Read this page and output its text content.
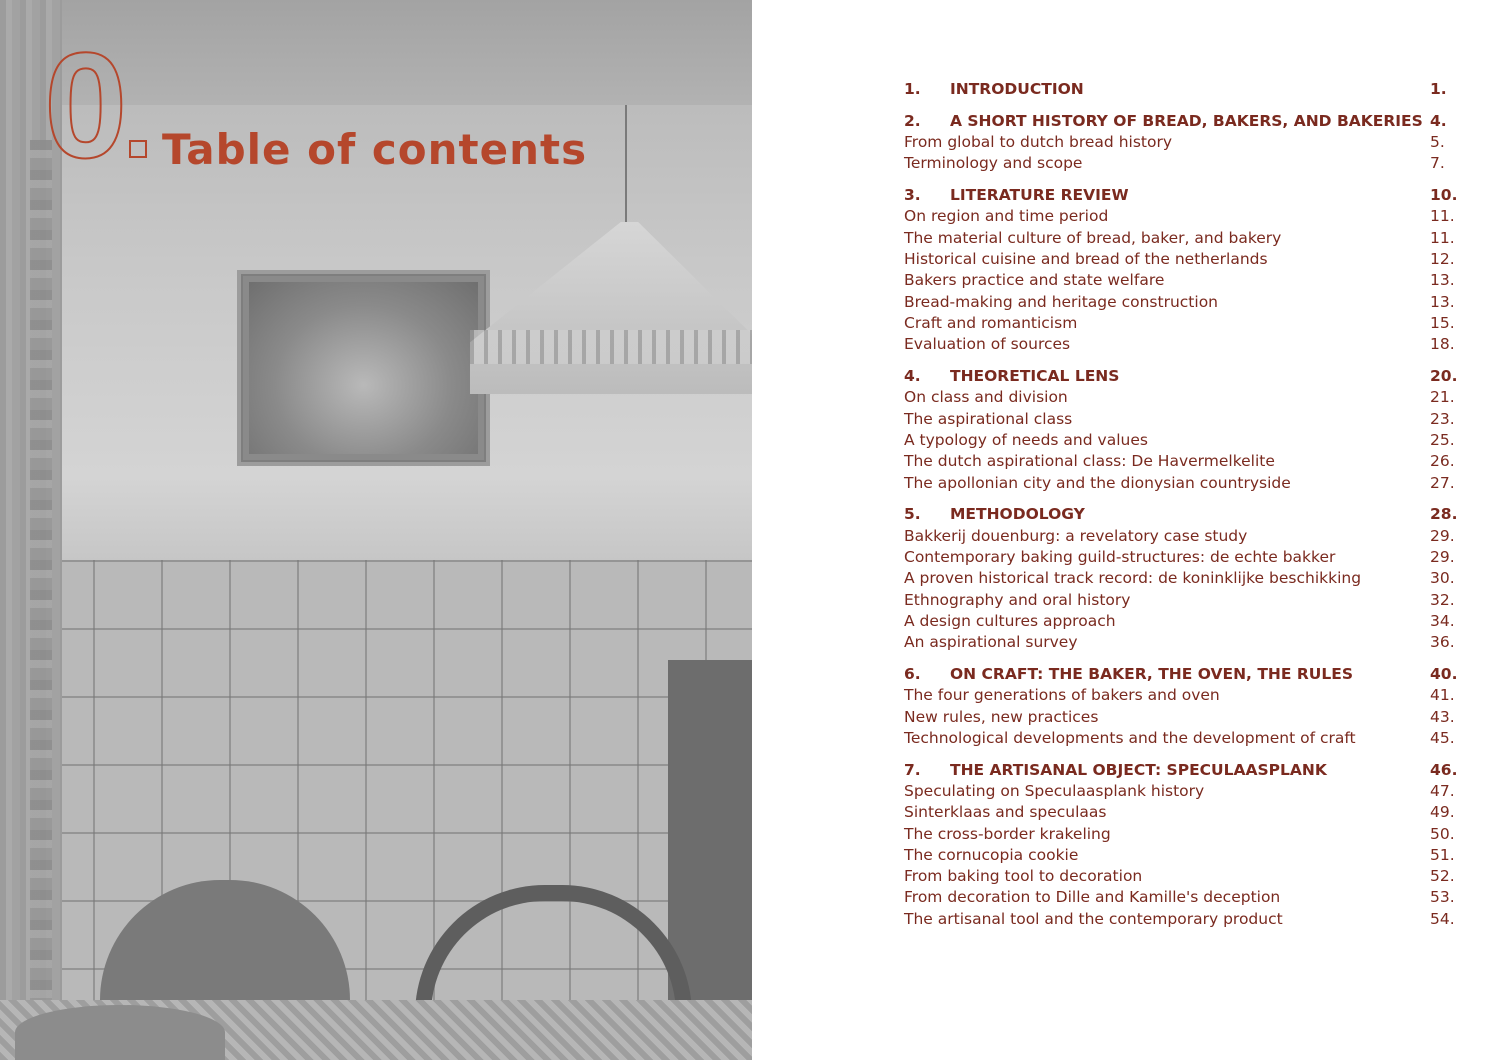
0 Table of contents
1. INTRODUCTION	1.
2. A SHORT HISTORY OF BREAD, BAKERS, AND BAKERIES 4.
From global to dutch bread history	5.
Terminology and scope	7.
3. LITERATURE REVIEW	10.
On region and time period	11.
The material culture of bread, baker, and bakery	11.
Historical cuisine and bread of the netherlands	12.
Bakers practice and state welfare	13.
Bread-making and heritage construction	13.
Craft and romanticism	15.
Evaluation of sources	18.
4. THEORETICAL LENS	20.
On class and division	21.
The aspirational class	23.
A typology of needs and values	25.
The dutch aspirational class: De Havermelkelite	26.
The apollonian city and the dionysian countryside	27.
5. METHODOLOGY	28.
Bakkerij douenburg: a revelatory case study	29.
Contemporary baking guild-structures: de echte bakker	29.
A proven historical track record: de koninklijke beschikking	30.
Ethnography and oral history	32.
A design cultures approach	34.
An aspirational survey	36.
6. ON CRAFT: THE BAKER, THE OVEN, THE RULES	40.
The four generations of bakers and oven	41.
New rules, new practices	43.
Technological developments and the development of craft	45.
7. THE ARTISANAL OBJECT: SPECULAASPLANK	46.
Speculating on Speculaasplank history	47.
Sinterklaas and speculaas	49.
The cross-border krakeling	50.
The cornucopia cookie	51.
From baking tool to decoration	52.
From decoration to Dille and Kamille's deception	53.
The artisanal tool and the contemporary product	54.
